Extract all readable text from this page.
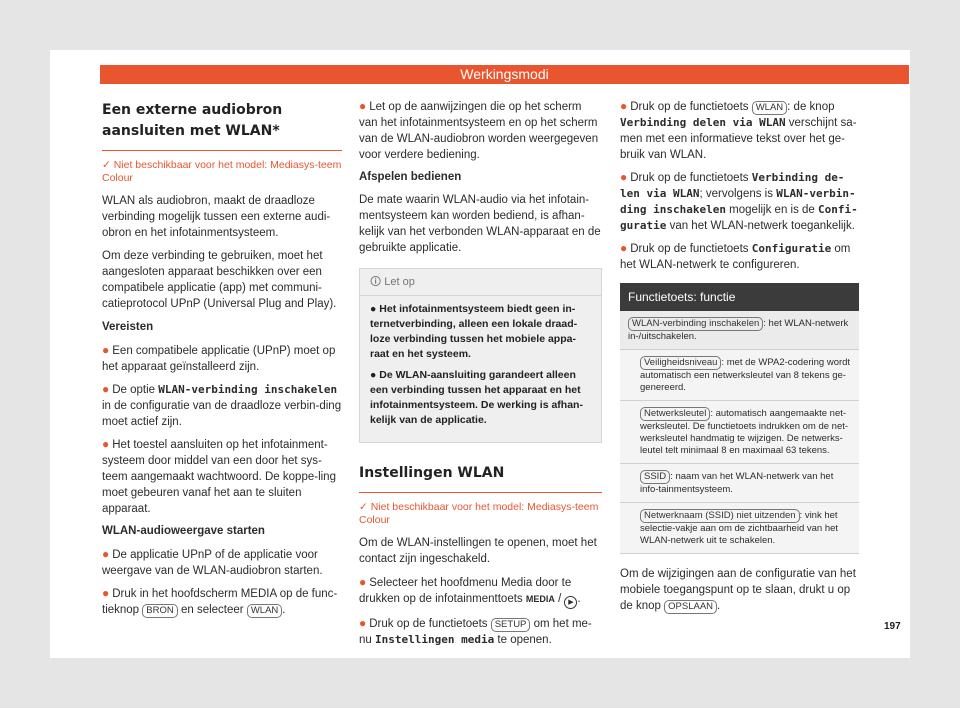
Werkingsmodi
Een externe audiobron aansluiten met WLAN*
✓ Niet beschikbaar voor het model: Mediasys-teem Colour

WLAN als audiobron, maakt de draadloze verbinding mogelijk tussen een externe audi-obron en het infotainmentsysteem.

Om deze verbinding te gebruiken, moet het aangesloten apparaat beschikken over een compatibele applicatie (app) met communi-catieprotocol UPnP (Universal Plug and Play).

Vereisten

● Een compatibele applicatie (UPnP) moet op het apparaat geïnstalleerd zijn.
● De optie WLAN-verbinding inschakelen in de configuratie van de draadloze verbin-ding moet actief zijn.
● Het toestel aansluiten op het infotainment-systeem door middel van een door het sys-teem aangemaakt wachtwoord. De koppe-ling moet gebeuren vanaf het aan te sluiten apparaat.

WLAN-audioweergave starten

● De applicatie UPnP of de applicatie voor weergave van de WLAN-audiobron starten.
● Druk in het hoofdscherm MEDIA op de func-tieknop BRON en selecteer WLAN .
● Let op de aanwijzingen die op het scherm van het infotainmentsysteem en op het scherm van de WLAN-audiobron worden weergegeven voor verdere bediening.

Afspelen bedienen

De mate waarin WLAN-audio via het infotain-mentsysteem kan worden bediend, is afhan-kelijk van het verbonden WLAN-apparaat en de gebruikte applicatie.

🛈 Let op
● Het infotainmentsysteem biedt geen in-ternetverbinding, alleen een lokale draad-loze verbinding tussen het mobiele appa-raat en het systeem.
● De WLAN-aansluiting garandeert alleen een verbinding tussen het apparaat en het infotainmentsysteem. De werking is afhan-kelijk van de applicatie.
Instellingen WLAN
✓ Niet beschikbaar voor het model: Mediasys-teem Colour

Om de WLAN-instellingen te openen, moet het contact zijn ingeschakeld.

● Selecteer het hoofdmenu Media door te drukken op de infotainmenttoets MEDIA / ▶ .
● Druk op de functietoets SETUP om het me-nu Instellingen media te openen.
● Druk op de functietoets WLAN : de knop Verbinding delen via WLAN verschijnt sa-men met een informatieve tekst over het ge-bruik van WLAN.
● Druk op de functietoets Verbinding de-len via WLAN; vervolgens is WLAN-verbin-ding inschakelen mogelijk en is de Confi-guratie van het WLAN-netwerk toegankelijk.
● Druk op de functietoets Configuratie om het WLAN-netwerk te configureren.
Functietoets: functie
WLAN-verbinding inschakelen : het WLAN-netwerk in-/uitschakelen.
Veiligheidsniveau : met de WPA2-codering wordt automatisch een netwerksleutel van 8 tekens ge-genereerd.
Netwerksleutel : automatisch aangemaakte net-werksleutel. De functietoets indrukken om de net-werksleutel handmatig te wijzigen. De netwerks-leutel telt minimaal 8 en maximaal 63 tekens.
SSID : naam van het WLAN-netwerk van het info-tainmentsysteem.
Netwerknaam (SSID) niet uitzenden : vink het selectie-vakje aan om de zichtbaarheid van het WLAN-netwerk uit te schakelen.

Om de wijzigingen aan de configuratie van het mobiele toegangspunt op te slaan, drukt u op de knop OPSLAAN .

197
